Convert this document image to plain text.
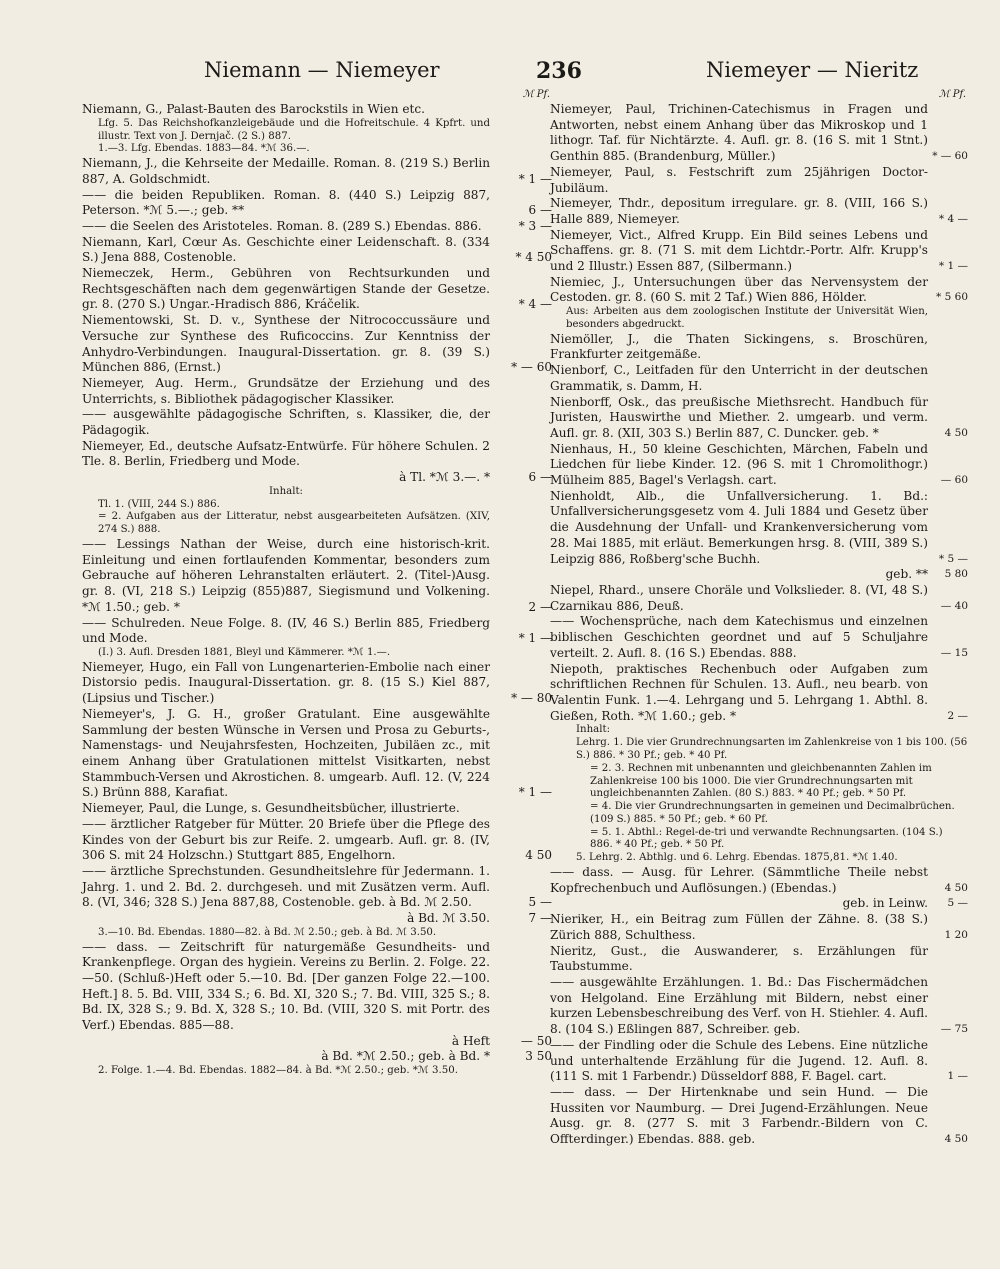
Niemann — Niemeyer	236	Niemeyer — Nieritz
ℳ Pf.
Niemann, G., Palast-Bauten des Barockstils in Wien etc.
Lfg. 5. Das Reichshofkanzleigebäude und die Hofreitschule. 4 Kpfrt. und illustr. Text von J. Dernjač. (2 S.) 887.
1.—3. Lfg. Ebendas. 1883—84. *ℳ 36.—.
Niemann, J., die Kehrseite der Medaille. Roman. 8. (219 S.) Berlin 887, A. Goldschmidt.	* 1 —
—— die beiden Republiken. Roman. 8. (440 S.) Leipzig 887, Peterson. *ℳ 5.—.; geb. **	6 —
—— die Seelen des Aristoteles. Roman. 8. (289 S.) Ebendas. 886.	* 3 —
Niemann, Karl, Cœur As. Geschichte einer Leidenschaft. 8. (334 S.) Jena 888, Costenoble.	* 4 50
Niemeczek, Herm., Gebühren von Rechtsurkunden und Rechtsgeschäften nach dem gegenwärtigen Stande der Gesetze. gr. 8. (270 S.) Ungar.-Hradisch 886, Kráčelik.	* 4 —
Niementowski, St. D. v., Synthese der Nitrococcussäure und Versuche zur Synthese des Ruficoccins. Zur Kenntniss der Anhydro-Verbindungen. Inaugural-Dissertation. gr. 8. (39 S.) München 886, (Ernst.)	* — 60
Niemeyer, Aug. Herm., Grundsätze der Erziehung und des Unterrichts, s. Bibliothek pädagogischer Klassiker.
—— ausgewählte pädagogische Schriften, s. Klassiker, die, der Pädagogik.
Niemeyer, Ed., deutsche Aufsatz-Entwürfe. Für höhere Schulen. 2 Tle. 8. Berlin, Friedberg und Mode.
à Tl. *ℳ 3.—. *	6 —
Inhalt:
Tl. 1. (VIII, 244 S.) 886.
= 2. Aufgaben aus der Litteratur, nebst ausgearbeiteten Aufsätzen. (XIV, 274 S.) 888.
—— Lessings Nathan der Weise, durch eine historisch-krit. Einleitung und einen fortlaufenden Kommentar, besonders zum Gebrauche auf höheren Lehranstalten erläutert. 2. (Titel-)Ausg. gr. 8. (VI, 218 S.) Leipzig (855)887, Siegismund und Volkening. *ℳ 1.50.; geb. *	2 —
—— Schulreden. Neue Folge. 8. (IV, 46 S.) Berlin 885, Friedberg und Mode.	* 1 —
(I.) 3. Aufl. Dresden 1881, Bleyl und Kämmerer. *ℳ 1.—.
Niemeyer, Hugo, ein Fall von Lungenarterien-Embolie nach einer Distorsio pedis. Inaugural-Dissertation. gr. 8. (15 S.) Kiel 887, (Lipsius und Tischer.)	* — 80
Niemeyer's, J. G. H., großer Gratulant. Eine ausgewählte Sammlung der besten Wünsche in Versen und Prosa zu Geburts-, Namenstags- und Neujahrsfesten, Hochzeiten, Jubiläen zc., mit einem Anhang über Gratulationen mittelst Visitkarten, nebst Stammbuch-Versen und Akrostichen. 8. umgearb. Aufl. 12. (V, 224 S.) Brünn 888, Karafiat.	* 1 —
Niemeyer, Paul, die Lunge, s. Gesundheitsbücher, illustrierte.
—— ärztlicher Ratgeber für Mütter. 20 Briefe über die Pflege des Kindes von der Geburt bis zur Reife. 2. umgearb. Aufl. gr. 8. (IV, 306 S. mit 24 Holzschn.) Stuttgart 885, Engelhorn.	4 50
—— ärztliche Sprechstunden. Gesundheitslehre für Jedermann. 1. Jahrg. 1. und 2. Bd. 2. durchgeseh. und mit Zusätzen verm. Aufl. 8. (VI, 346; 328 S.) Jena 887,88, Costenoble. geb. à Bd. ℳ 2.50.	5 —
à Bd. ℳ 3.50.	7 —
3.—10. Bd. Ebendas. 1880—82. à Bd. ℳ 2.50.; geb. à Bd. ℳ 3.50.
—— dass. — Zeitschrift für naturgemäße Gesundheits- und Krankenpflege. Organ des hygiein. Vereins zu Berlin. 2. Folge. 22.—50. (Schluß-)Heft oder 5.—10. Bd. [Der ganzen Folge 22.—100. Heft.] 8. 5. Bd. VIII, 334 S.; 6. Bd. XI, 320 S.; 7. Bd. VIII, 325 S.; 8. Bd. IX, 328 S.; 9. Bd. X, 328 S.; 10. Bd. (VIII, 320 S. mit Portr. des Verf.) Ebendas. 885—88.
à Heft	— 50
à Bd. *ℳ 2.50.; geb. à Bd. *	3 50
2. Folge. 1.—4. Bd. Ebendas. 1882—84. à Bd. *ℳ 2.50.; geb. *ℳ 3.50.
ℳ Pf.
Niemeyer, Paul, Trichinen-Catechismus in Fragen und Antworten, nebst einem Anhang über das Mikroskop und 1 lithogr. Taf. für Nichtärzte. 4. Aufl. gr. 8. (16 S. mit 1 Stnt.) Genthin 885. (Brandenburg, Müller.)	* — 60
Niemeyer, Paul, s. Festschrift zum 25jährigen Doctor-Jubiläum.
Niemeyer, Thdr., depositum irregulare. gr. 8. (VIII, 166 S.) Halle 889, Niemeyer.	* 4 —
Niemeyer, Vict., Alfred Krupp. Ein Bild seines Lebens und Schaffens. gr. 8. (71 S. mit dem Lichtdr.-Portr. Alfr. Krupp's und 2 Illustr.) Essen 887, (Silbermann.)	* 1 —
Niemiec, J., Untersuchungen über das Nervensystem der Cestoden. gr. 8. (60 S. mit 2 Taf.) Wien 886, Hölder.	* 5 60
Aus: Arbeiten aus dem zoologischen Institute der Universität Wien, besonders abgedruckt.
Niemöller, J., die Thaten Sickingens, s. Broschüren, Frankfurter zeitgemäße.
Nienborf, C., Leitfaden für den Unterricht in der deutschen Grammatik, s. Damm, H.
Nienborff, Osk., das preußische Miethsrecht. Handbuch für Juristen, Hauswirthe und Miether. 2. umgearb. und verm. Aufl. gr. 8. (XII, 303 S.) Berlin 887, C. Duncker. geb. *	4 50
Nienhaus, H., 50 kleine Geschichten, Märchen, Fabeln und Liedchen für liebe Kinder. 12. (96 S. mit 1 Chromolithogr.) Mülheim 885, Bagel's Verlagsh. cart.	— 60
Nienholdt, Alb., die Unfallversicherung. 1. Bd.: Unfallversicherungsgesetz vom 4. Juli 1884 und Gesetz über die Ausdehnung der Unfall- und Krankenversicherung vom 28. Mai 1885, mit erläut. Bemerkungen hrsg. 8. (VIII, 389 S.) Leipzig 886, Roßberg'sche Buchh.	* 5 —
geb. **	5 80
Niepel, Rhard., unsere Choräle und Volkslieder. 8. (VI, 48 S.) Czarnikau 886, Deuß.	— 40
—— Wochensprüche, nach dem Katechismus und einzelnen biblischen Geschichten geordnet und auf 5 Schuljahre verteilt. 2. Aufl. 8. (16 S.) Ebendas. 888.	— 15
Niepoth, praktisches Rechenbuch oder Aufgaben zum schriftlichen Rechnen für Schulen. 13. Aufl., neu bearb. von Valentin Funk. 1.—4. Lehrgang und 5. Lehrgang 1. Abthl. 8. Gießen, Roth. *ℳ 1.60.; geb. *	2 —
Inhalt:
Lehrg. 1. Die vier Grundrechnungsarten im Zahlenkreise von 1 bis 100. (56 S.) 886. * 30 Pf.; geb. * 40 Pf.
= 2. 3. Rechnen mit unbenannten und gleichbenannten Zahlen im Zahlenkreise 100 bis 1000. Die vier Grundrechnungsarten mit ungleichbenannten Zahlen. (80 S.) 883. * 40 Pf.; geb. * 50 Pf.
= 4. Die vier Grundrechnungsarten in gemeinen und Decimalbrüchen. (109 S.) 885. * 50 Pf.; geb. * 60 Pf.
= 5. 1. Abthl.: Regel-de-tri und verwandte Rechnungsarten. (104 S.) 886. * 40 Pf.; geb. * 50 Pf.
5. Lehrg. 2. Abthlg. und 6. Lehrg. Ebendas. 1875,81. *ℳ 1.40.
—— dass. — Ausg. für Lehrer. (Sämmtliche Theile nebst Kopfrechenbuch und Auflösungen.) (Ebendas.)	4 50
geb. in Leinw.	5 —
Nieriker, H., ein Beitrag zum Füllen der Zähne. 8. (38 S.) Zürich 888, Schulthess.	1 20
Nieritz, Gust., die Auswanderer, s. Erzählungen für Taubstumme.
—— ausgewählte Erzählungen. 1. Bd.: Das Fischermädchen von Helgoland. Eine Erzählung mit Bildern, nebst einer kurzen Lebensbeschreibung des Verf. von H. Stiehler. 4. Aufl. 8. (104 S.) Eßlingen 887, Schreiber. geb.	— 75
—— der Findling oder die Schule des Lebens. Eine nützliche und unterhaltende Erzählung für die Jugend. 12. Aufl. 8. (111 S. mit 1 Farbendr.) Düsseldorf 888, F. Bagel. cart.	1 —
—— dass. — Der Hirtenknabe und sein Hund. — Die Hussiten vor Naumburg. — Drei Jugend-Erzählungen. Neue Ausg. gr. 8. (277 S. mit 3 Farbendr.-Bildern von C. Offterdinger.) Ebendas. 888. geb.	4 50
